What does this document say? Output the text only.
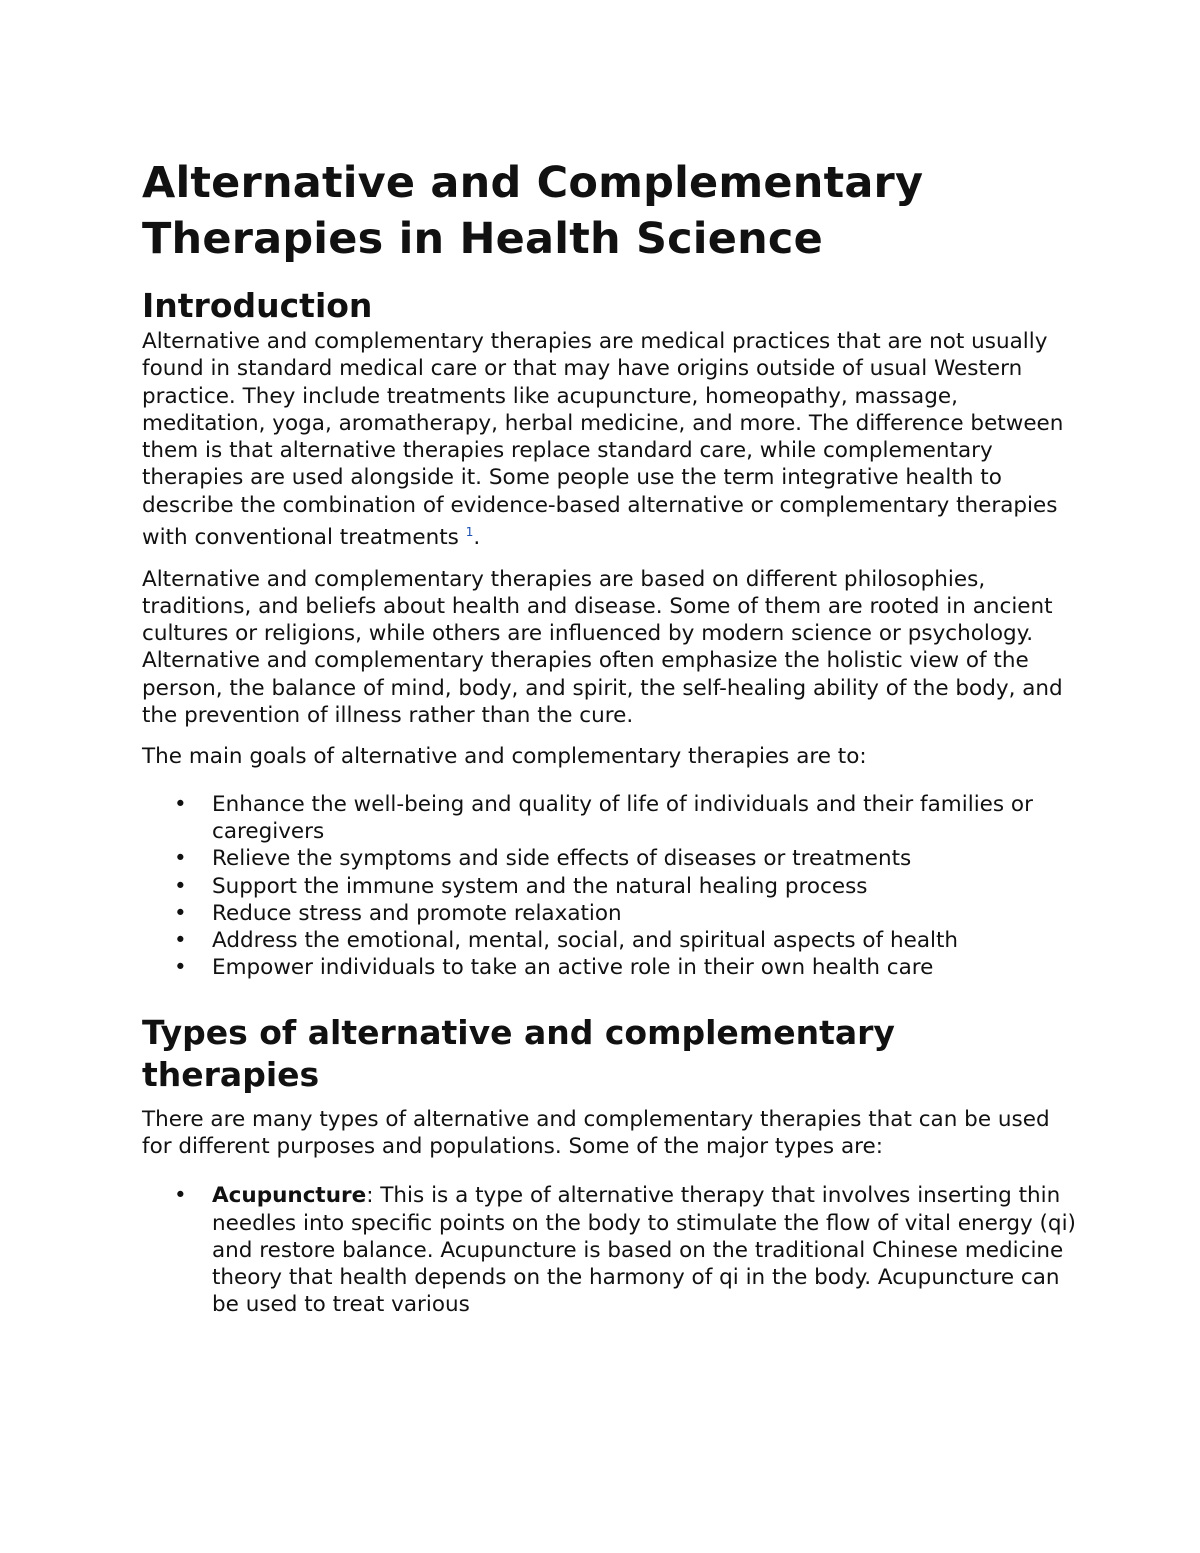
Alternative and Complementary
Therapies in Health Science
Introduction

Alternative and complementary therapies are medical practices that are not usually found in standard medical care or that may have origins outside of usual Western practice. They include treatments like acupuncture, homeopathy, massage, meditation, yoga, aromatherapy, herbal medicine, and more. The difference between them is that alternative therapies replace standard care, while complementary therapies are used alongside it. Some people use the term integrative health to describe the combination of evidence-based alternative or complementary therapies with conventional treatments $^1$.

Alternative and complementary therapies are based on different philosophies, traditions, and beliefs about health and disease. Some of them are rooted in ancient cultures or religions, while others are influenced by modern science or psychology. Alternative and complementary therapies often emphasize the holistic view of the person, the balance of mind, body, and spirit, the self-healing ability of the body, and the prevention of illness rather than the cure.

The main goals of alternative and complementary therapies are to:

• Enhance the well-being and quality of life of individuals and their families or caregivers
• Relieve the symptoms and side effects of diseases or treatments
• Support the immune system and the natural healing process
• Reduce stress and promote relaxation
• Address the emotional, mental, social, and spiritual aspects of health
• Empower individuals to take an active role in their own health care
Types of alternative and complementary
therapies

There are many types of alternative and complementary therapies that can be used for different purposes and populations. Some of the major types are:

• Acupuncture: This is a type of alternative therapy that involves inserting thin needles into specific points on the body to stimulate the flow of vital energy (qi) and restore balance. Acupuncture is based on the traditional Chinese medicine theory that health depends on the harmony of qi in the body. Acupuncture can be used to treat various
